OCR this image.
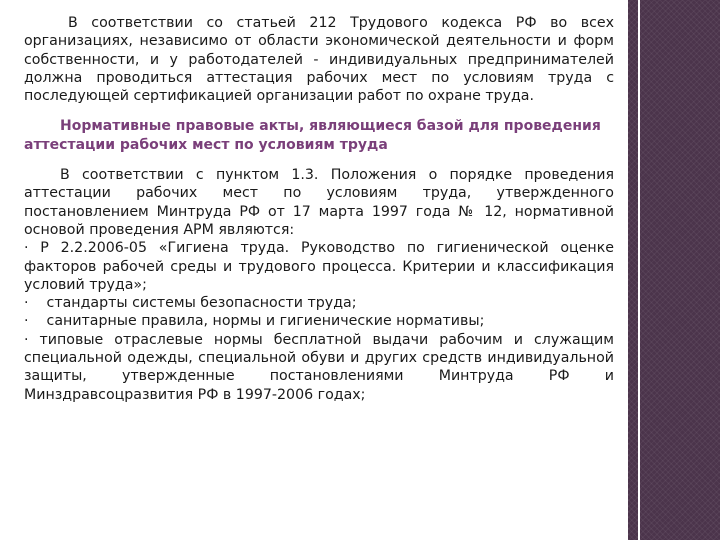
В соответствии со статьей 212 Трудового кодекса РФ во всех организациях, независимо от области экономической деятельности и форм собственности, и у работодателей - индивидуальных предпринимателей должна проводиться аттестация рабочих мест по условиям труда с последующей сертификацией организации работ по охране труда.

Нормативные правовые акты, являющиеся базой для проведения аттестации рабочих мест по условиям труда

В соответствии с пунктом 1.3. Положения о порядке проведения аттестации рабочих мест по условиям труда, утвержденного постановлением Минтруда РФ от 17 марта 1997 года № 12, нормативной основой проведения АРМ являются:

· Р 2.2.2006-05 «Гигиена труда. Руководство по гигиенической оценке факторов рабочей среды и трудового процесса. Критерии и классификация условий труда»;

·    стандарты системы безопасности труда;

·    санитарные правила, нормы и гигиенические нормативы;

· типовые отраслевые нормы бесплатной выдачи рабочим и служащим специальной одежды, специальной обуви и других средств индивидуальной защиты, утвержденные постановлениями Минтруда РФ и Минздравсоцразвития РФ в 1997-2006 годах;
